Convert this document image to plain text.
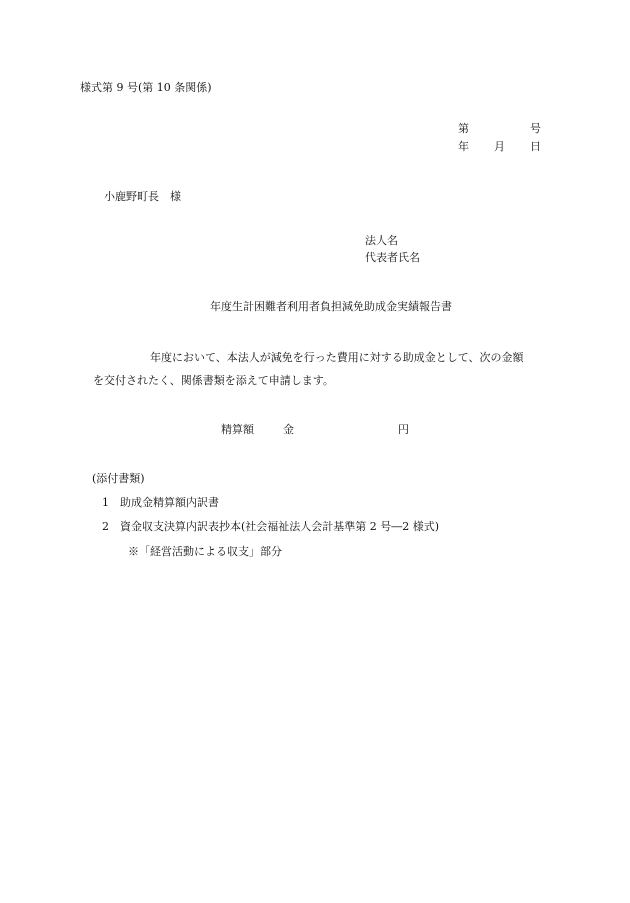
様式第 9 号(第 10 条関係)
第	号
年 月 日
小鹿野町長　様
法人名
代表者氏名
年度生計困難者利用者負担減免助成金実績報告書
年度において、本法人が減免を行った費用に対する助成金として、次の金額
を交付されたく、関係書類を添えて申請します。
精算額	金	円
(添付書類)
1 助成金精算額内訳書
2 資金収支決算内訳表抄本(社会福祉法人会計基準第 2 号―2 様式)
※「経営活動による収支」部分
